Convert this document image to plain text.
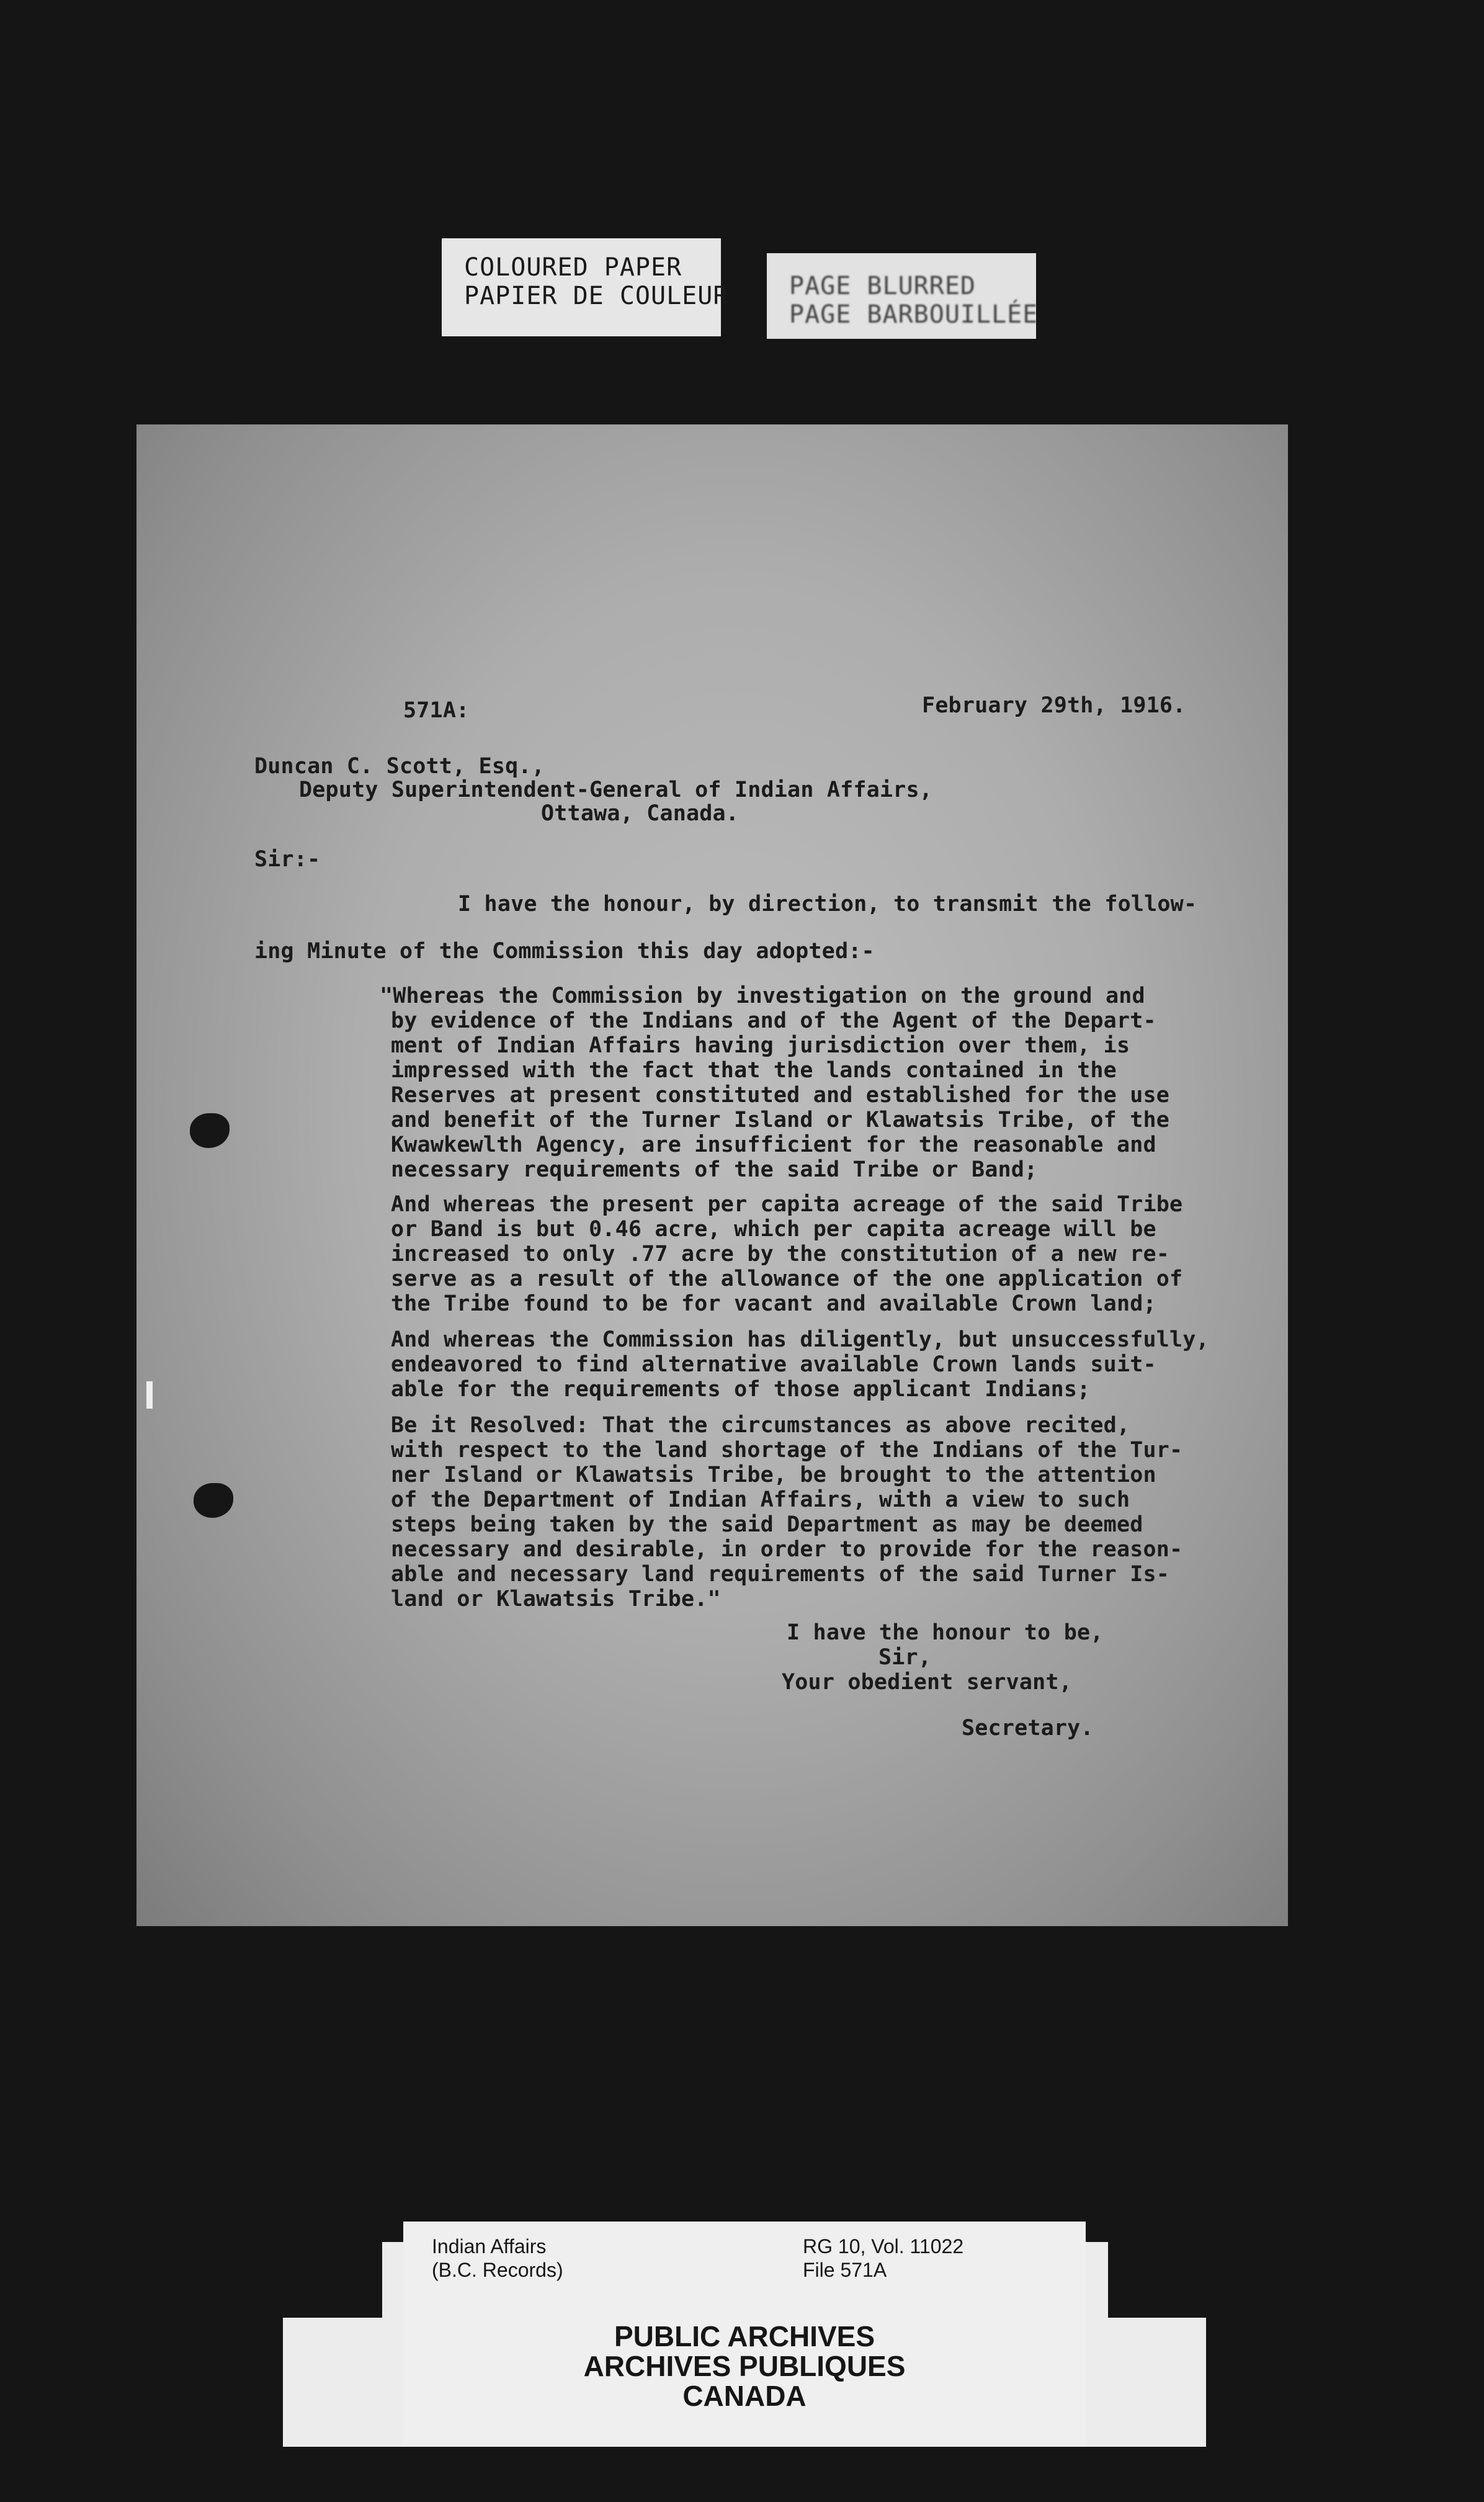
COLOURED PAPER
PAPIER DE COULEUR PAGE BLURRED
PAGE BARBOUILLÉE
571A:	February 29th, 1916.
Duncan C. Scott, Esq.,
Deputy Superintendent-General of Indian Affairs,
Ottawa, Canada.
Sir:-
I have the honour, by direction, to transmit the follow-
ing Minute of the Commission this day adopted:-
"Whereas the Commission by investigation on the ground and
by evidence of the Indians and of the Agent of the Depart-
ment of Indian Affairs having jurisdiction over them, is
impressed with the fact that the lands contained in the
Reserves at present constituted and established for the use
and benefit of the Turner Island or Klawatsis Tribe, of the
Kwawkewlth Agency, are insufficient for the reasonable and
necessary requirements of the said Tribe or Band;
And whereas the present per capita acreage of the said Tribe
or Band is but 0.46 acre, which per capita acreage will be
increased to only .77 acre by the constitution of a new re-
serve as a result of the allowance of the one application of
the Tribe found to be for vacant and available Crown land;
And whereas the Commission has diligently, but unsuccessfully,
endeavored to find alternative available Crown lands suit-
able for the requirements of those applicant Indians;
Be it Resolved: That the circumstances as above recited,
with respect to the land shortage of the Indians of the Tur-
ner Island or Klawatsis Tribe, be brought to the attention
of the Department of Indian Affairs, with a view to such
steps being taken by the said Department as may be deemed
necessary and desirable, in order to provide for the reason-
able and necessary land requirements of the said Turner Is-
land or Klawatsis Tribe."
I have the honour to be,
Sir,
Your obedient servant,
Secretary.
Indian Affairs
(B.C. Records)
RG 10, Vol. 11022
File 571A
PUBLIC ARCHIVES
ARCHIVES PUBLIQUES
CANADA
